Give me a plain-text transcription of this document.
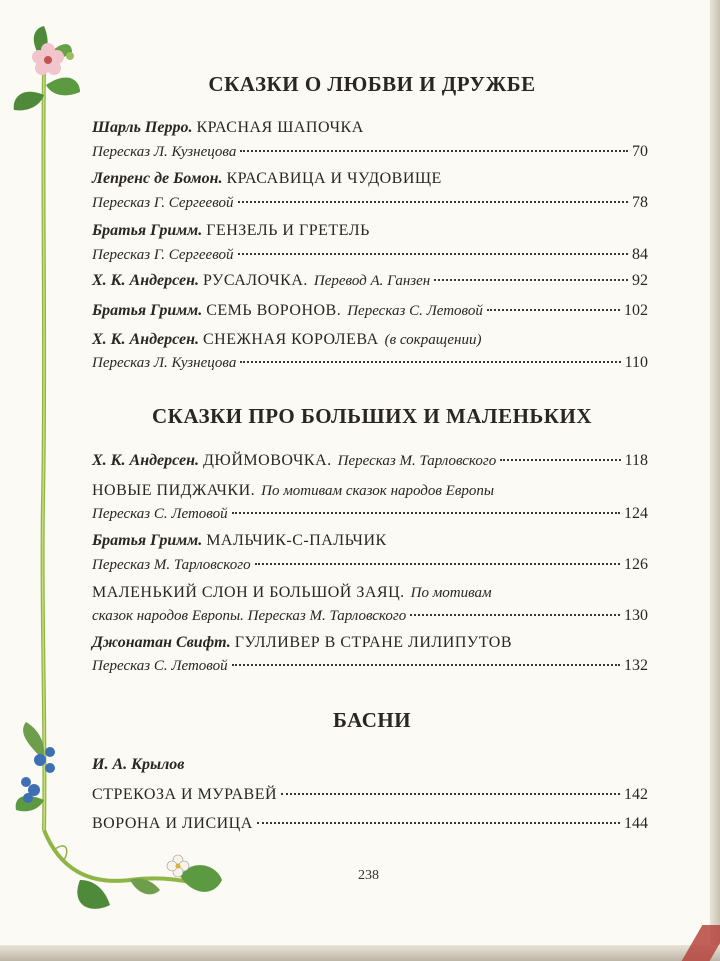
СКАЗКИ О ЛЮБВИ И ДРУЖБЕ
Шарль Перро. КРАСНАЯ ШАПОЧКА
Пересказ Л. Кузнецова	70
Лепренс де Бомон. КРАСАВИЦА И ЧУДОВИЩЕ
Пересказ Г. Сергеевой	78
Братья Гримм. ГЕНЗЕЛЬ И ГРЕТЕЛЬ
Пересказ Г. Сергеевой	84
Х. К. Андерсен. РУСАЛОЧКА. Перевод А. Ганзен	92
Братья Гримм. СЕМЬ ВОРОНОВ. Пересказ С. Летовой	102
Х. К. Андерсен. СНЕЖНАЯ КОРОЛЕВА (в сокращении)
Пересказ Л. Кузнецова	110
СКАЗКИ ПРО БОЛЬШИХ И МАЛЕНЬКИХ
Х. К. Андерсен. ДЮЙМОВОЧКА. Пересказ М. Тарловского	118
НОВЫЕ ПИДЖАЧКИ. По мотивам сказок народов Европы
Пересказ С. Летовой	124
Братья Гримм. МАЛЬЧИК-С-ПАЛЬЧИК
Пересказ М. Тарловского	126
МАЛЕНЬКИЙ СЛОН И БОЛЬШОЙ ЗАЯЦ. По мотивам
сказок народов Европы. Пересказ М. Тарловского	130
Джонатан Свифт. ГУЛЛИВЕР В СТРАНЕ ЛИЛИПУТОВ
Пересказ С. Летовой	132
БАСНИ
И. А. Крылов
СТРЕКОЗА И МУРАВЕЙ	142
ВОРОНА И ЛИСИЦА	144
238
